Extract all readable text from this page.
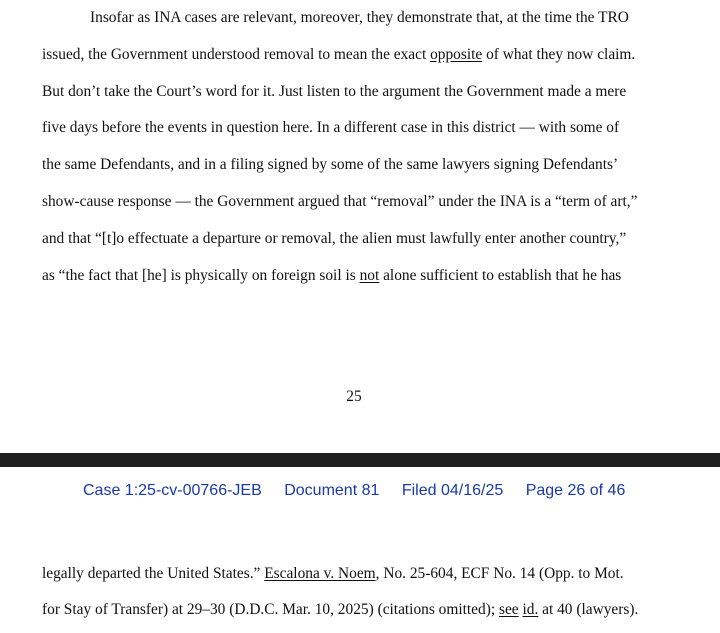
Insofar as INA cases are relevant, moreover, they demonstrate that, at the time the TRO
issued, the Government understood removal to mean the exact opposite of what they now claim.
But don’t take the Court’s word for it. Just listen to the argument the Government made a mere
five days before the events in question here. In a different case in this district — with some of
the same Defendants, and in a filing signed by some of the same lawyers signing Defendants’
show-cause response — the Government argued that “removal” under the INA is a “term of art,”
and that “[t]o effectuate a departure or removal, the alien must lawfully enter another country,”
as “the fact that [he] is physically on foreign soil is not alone sufficient to establish that he has
25
Case 1:25-cv-00766-JEB Document 81 Filed 04/16/25 Page 26 of 46
legally departed the United States.” Escalona v. Noem, No. 25-604, ECF No. 14 (Opp. to Mot.
for Stay of Transfer) at 29–30 (D.D.C. Mar. 10, 2025) (citations omitted); see id. at 40 (lawyers).
